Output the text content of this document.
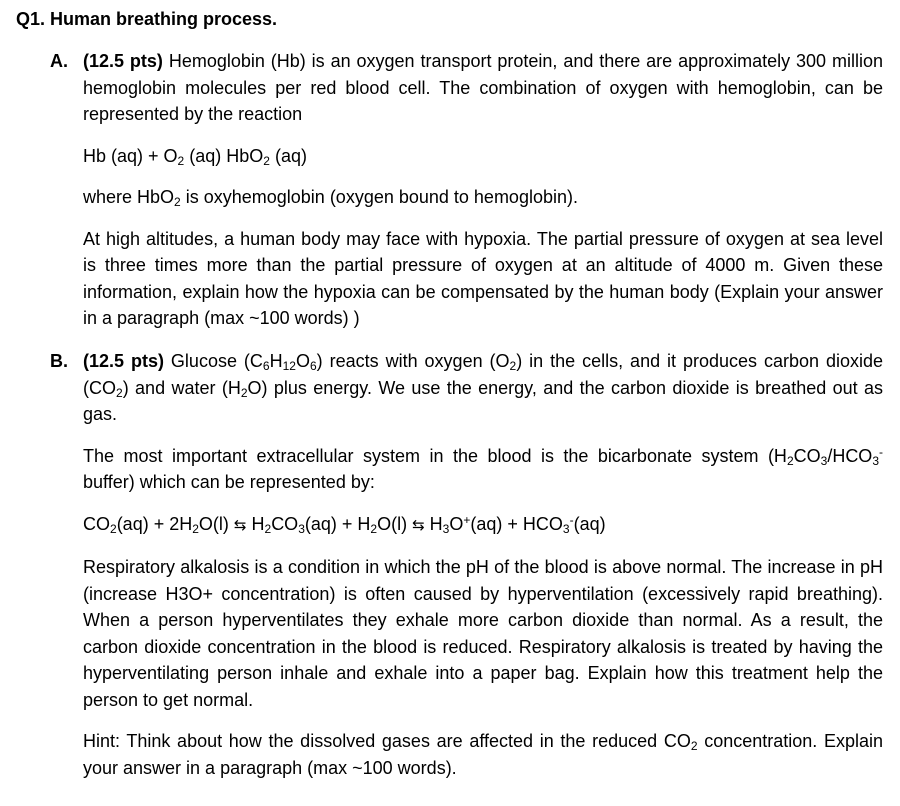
Q1. Human breathing process.
A. (12.5 pts) Hemoglobin (Hb) is an oxygen transport protein, and there are approximately 300 million hemoglobin molecules per red blood cell. The combination of oxygen with hemoglobin, can be represented by the reaction

Hb $(aq) + O_2$ (aq) HbO$_2$ (aq)

where HbO$_2$ is oxyhemoglobin (oxygen bound to hemoglobin).

At high altitudes, a human body may face with hypoxia. The partial pressure of oxygen at sea level is three times more than the partial pressure of oxygen at an altitude of 4000 m. Given these information, explain how the hypoxia can be compensated by the human body (Explain your answer in a paragraph (max ~100 words) )

B. (12.5 pts) Glucose $(C_6H_{12}O_6)$ reacts with oxygen $(O_2)$ in the cells, and it produces carbon dioxide $(CO_2)$ and water $(H_2O)$ plus energy. We use the energy, and the carbon dioxide is breathed out as gas.

The most important extracellular system in the blood is the bicarbonate system ($H_2CO_3/HCO_3^-$ buffer) which can be represented by:

$CO_2(aq) + 2H_2O(l)$ ⇆ $H_2CO_3(aq) + H_2O(l)$ ⇆ $H_3O^+(aq) + HCO_3^-(aq)$

Respiratory alkalosis is a condition in which the pH of the blood is above normal. The increase in pH (increase H3O+ concentration) is often caused by hyperventilation (excessively rapid breathing). When a person hyperventilates they exhale more carbon dioxide than normal. As a result, the carbon dioxide concentration in the blood is reduced. Respiratory alkalosis is treated by having the hyperventilating person inhale and exhale into a paper bag. Explain how this treatment help the person to get normal.

Hint: Think about how the dissolved gases are affected in the reduced $CO_2$ concentration. Explain your answer in a paragraph (max ~100 words).
